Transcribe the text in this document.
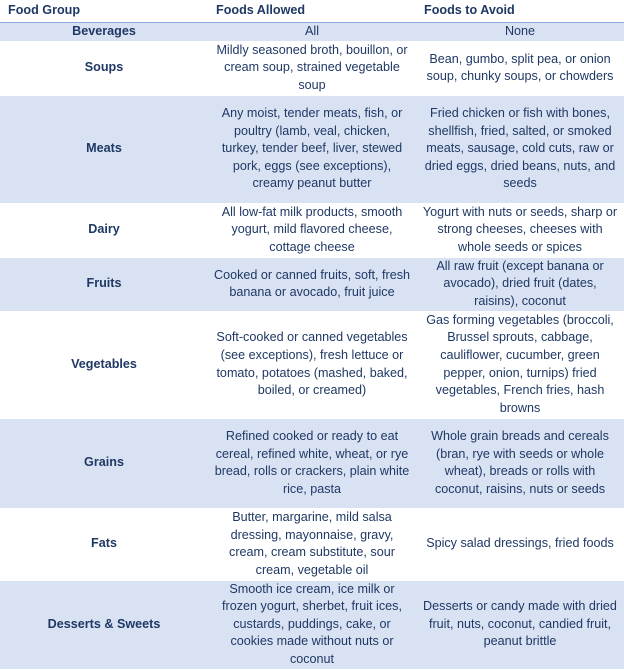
Food Group	Foods Allowed	Foods to Avoid
Beverages	All	None
Soups	Mildly seasoned broth, bouillon, or cream soup, strained vegetable soup	Bean, gumbo, split pea, or onion soup, chunky soups, or chowders
Meats	Any moist, tender meats, fish, or poultry (lamb, veal, chicken, turkey, tender beef, liver, stewed pork, eggs (see exceptions), creamy peanut butter	Fried chicken or fish with bones, shellfish, fried, salted, or smoked meats, sausage, cold cuts, raw or dried eggs, dried beans, nuts, and seeds
Dairy	All low-fat milk products, smooth yogurt, mild flavored cheese, cottage cheese	Yogurt with nuts or seeds, sharp or strong cheeses, cheeses with whole seeds or spices
Fruits	Cooked or canned fruits, soft, fresh banana or avocado, fruit juice	All raw fruit (except banana or avocado), dried fruit (dates, raisins), coconut
Vegetables	Soft-cooked or canned vegetables (see exceptions), fresh lettuce or tomato, potatoes (mashed, baked, boiled, or creamed)	Gas forming vegetables (broccoli, Brussel sprouts, cabbage, cauliflower, cucumber, green pepper, onion, turnips) fried vegetables, French fries, hash browns
Grains	Refined cooked or ready to eat cereal, refined white, wheat, or rye bread, rolls or crackers, plain white rice, pasta	Whole grain breads and cereals (bran, rye with seeds or whole wheat), breads or rolls with coconut, raisins, nuts or seeds
Fats	Butter, margarine, mild salsa dressing, mayonnaise, gravy, cream, cream substitute, sour cream, vegetable oil	Spicy salad dressings, fried foods
Desserts & Sweets	Smooth ice cream, ice milk or frozen yogurt, sherbet, fruit ices, custards, puddings, cake, or cookies made without nuts or coconut	Desserts or candy made with dried fruit, nuts, coconut, candied fruit, peanut brittle
